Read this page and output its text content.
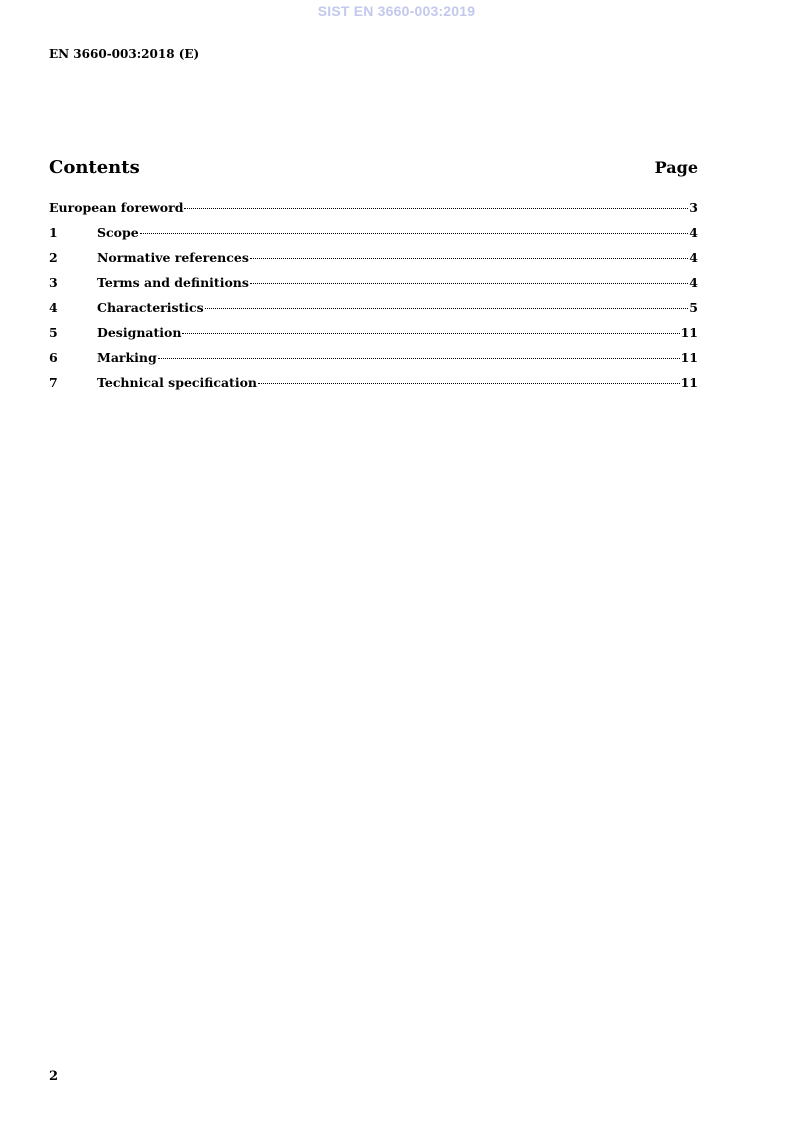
SIST EN 3660-003:2019
EN 3660-003:2018 (E)
Contents	Page
European foreword	3
1	Scope	4
2	Normative references	4
3	Terms and definitions	4
4	Characteristics	5
5	Designation	11
6	Marking	11
7	Technical specification	11
2
